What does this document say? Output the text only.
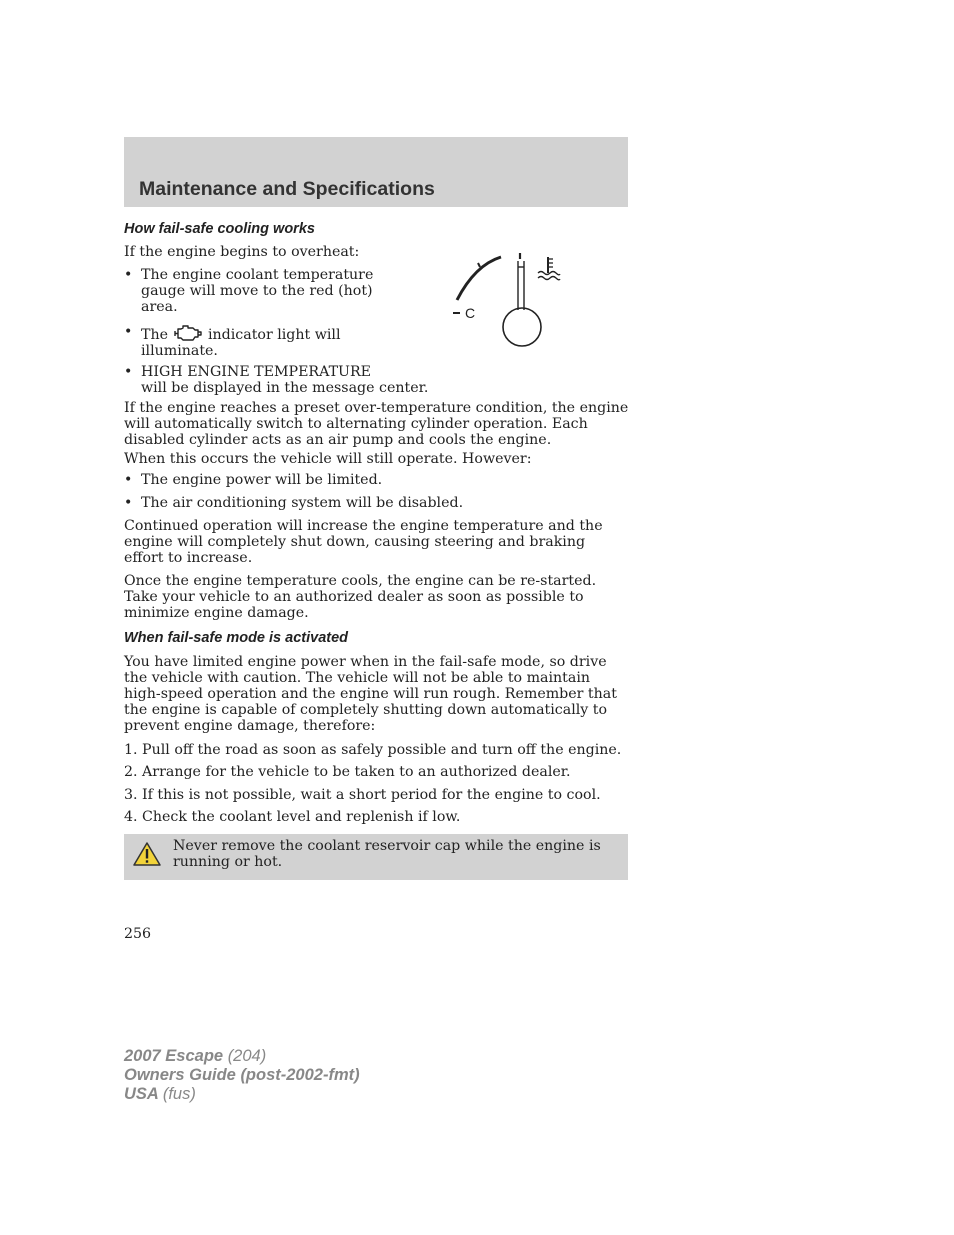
Maintenance and Specifications
How fail-safe cooling works
If the engine begins to overheat:
• The engine coolant temperature
gauge will move to the red (hot)
area.
• The	indicator light will
illuminate.
• HIGH ENGINE TEMPERATURE
will be displayed in the message center.
C
If the engine reaches a preset over-temperature condition, the engine will automatically switch to alternating cylinder operation. Each disabled cylinder acts as an air pump and cools the engine.
When this occurs the vehicle will still operate. However:
• The engine power will be limited.
• The air conditioning system will be disabled.
Continued operation will increase the engine temperature and the engine will completely shut down, causing steering and braking effort to increase.
Once the engine temperature cools, the engine can be re-started. Take your vehicle to an authorized dealer as soon as possible to minimize engine damage.
When fail-safe mode is activated
You have limited engine power when in the fail-safe mode, so drive the vehicle with caution. The vehicle will not be able to maintain high-speed operation and the engine will run rough. Remember that the engine is capable of completely shutting down automatically to prevent engine damage, therefore:
1. Pull off the road as soon as safely possible and turn off the engine.
2. Arrange for the vehicle to be taken to an authorized dealer.
3. If this is not possible, wait a short period for the engine to cool.
4. Check the coolant level and replenish if low.
Never remove the coolant reservoir cap while the engine is running or hot.
256
2007 Escape (204)
Owners Guide (post-2002-fmt)
USA (fus)
